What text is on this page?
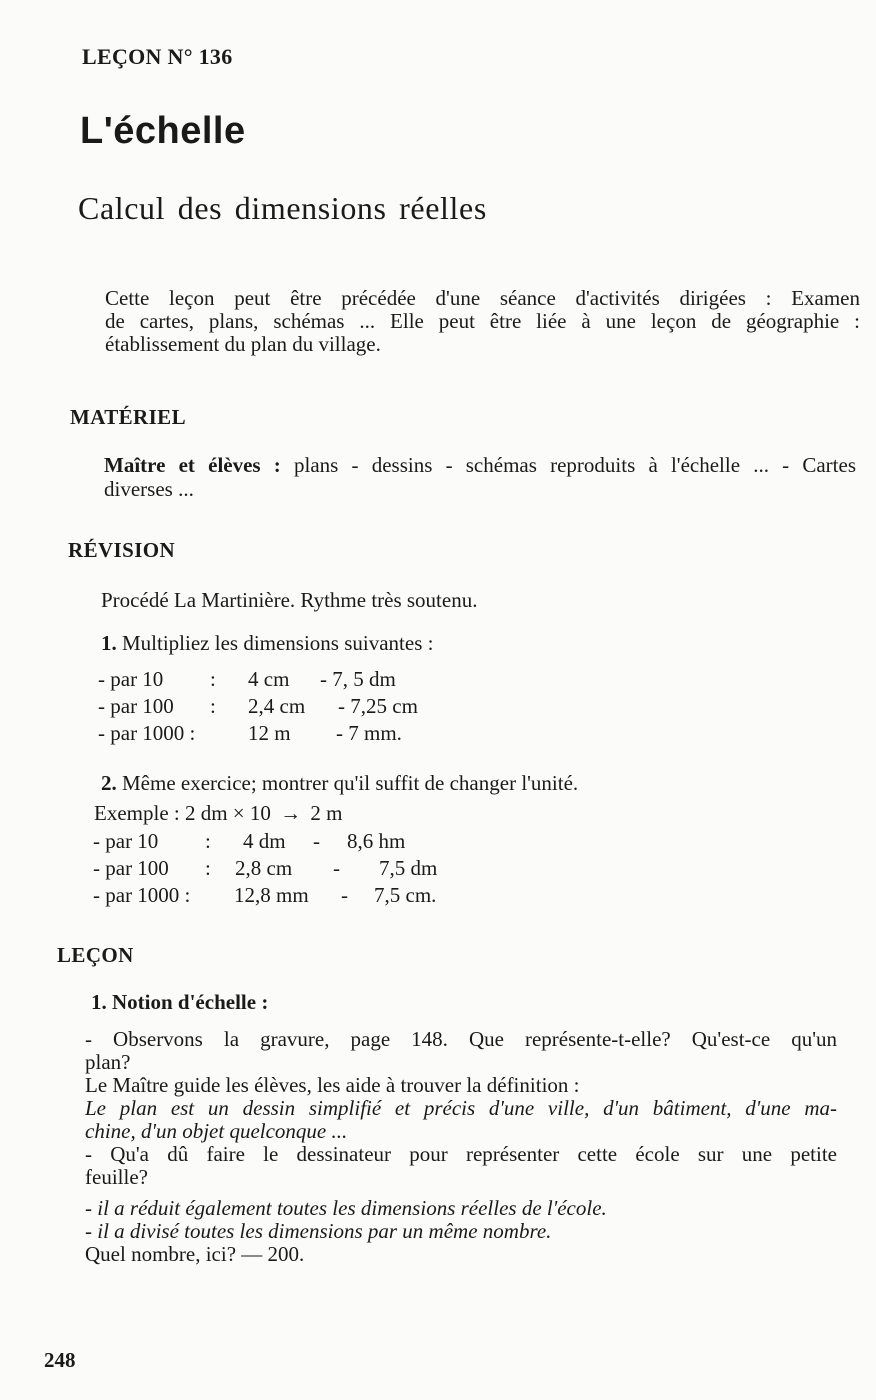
LEÇON N° 136
L'échelle
Calcul des dimensions réelles
Cette leçon peut être précédée d'une séance d'activités dirigées : Examen
de cartes, plans, schémas ... Elle peut être liée à une leçon de géographie :
établissement du plan du village.
MATÉRIEL
Maître et élèves : plans - dessins - schémas reproduits à l'échelle ... - Cartes
diverses ...
RÉVISION
Procédé La Martinière. Rythme très soutenu.
1. Multipliez les dimensions suivantes :
- par 10 : 4 cm - 7, 5 dm
- par 100 : 2,4 cm - 7,25 cm
- par 1000 :	12 m - 7 mm.
2. Même exercice; montrer qu'il suffit de changer l'unité.
Exemple : 2 dm × 10 → 2 m
- par 10 : 4 dm - 8,6 hm
- par 100 : 2,8 cm - 7,5 dm
- par 1000 : 12,8 mm - 7,5 cm.
LEÇON
1. Notion d'échelle :
- Observons la gravure, page 148. Que représente-t-elle? Qu'est-ce qu'un
plan?
Le Maître guide les élèves, les aide à trouver la définition :
Le plan est un dessin simplifié et précis d'une ville, d'un bâtiment, d'une ma-
chine, d'un objet quelconque ...
- Qu'a dû faire le dessinateur pour représenter cette école sur une petite
feuille?
- il a réduit également toutes les dimensions réelles de l'école.
- il a divisé toutes les dimensions par un même nombre.
Quel nombre, ici? — 200.
248
